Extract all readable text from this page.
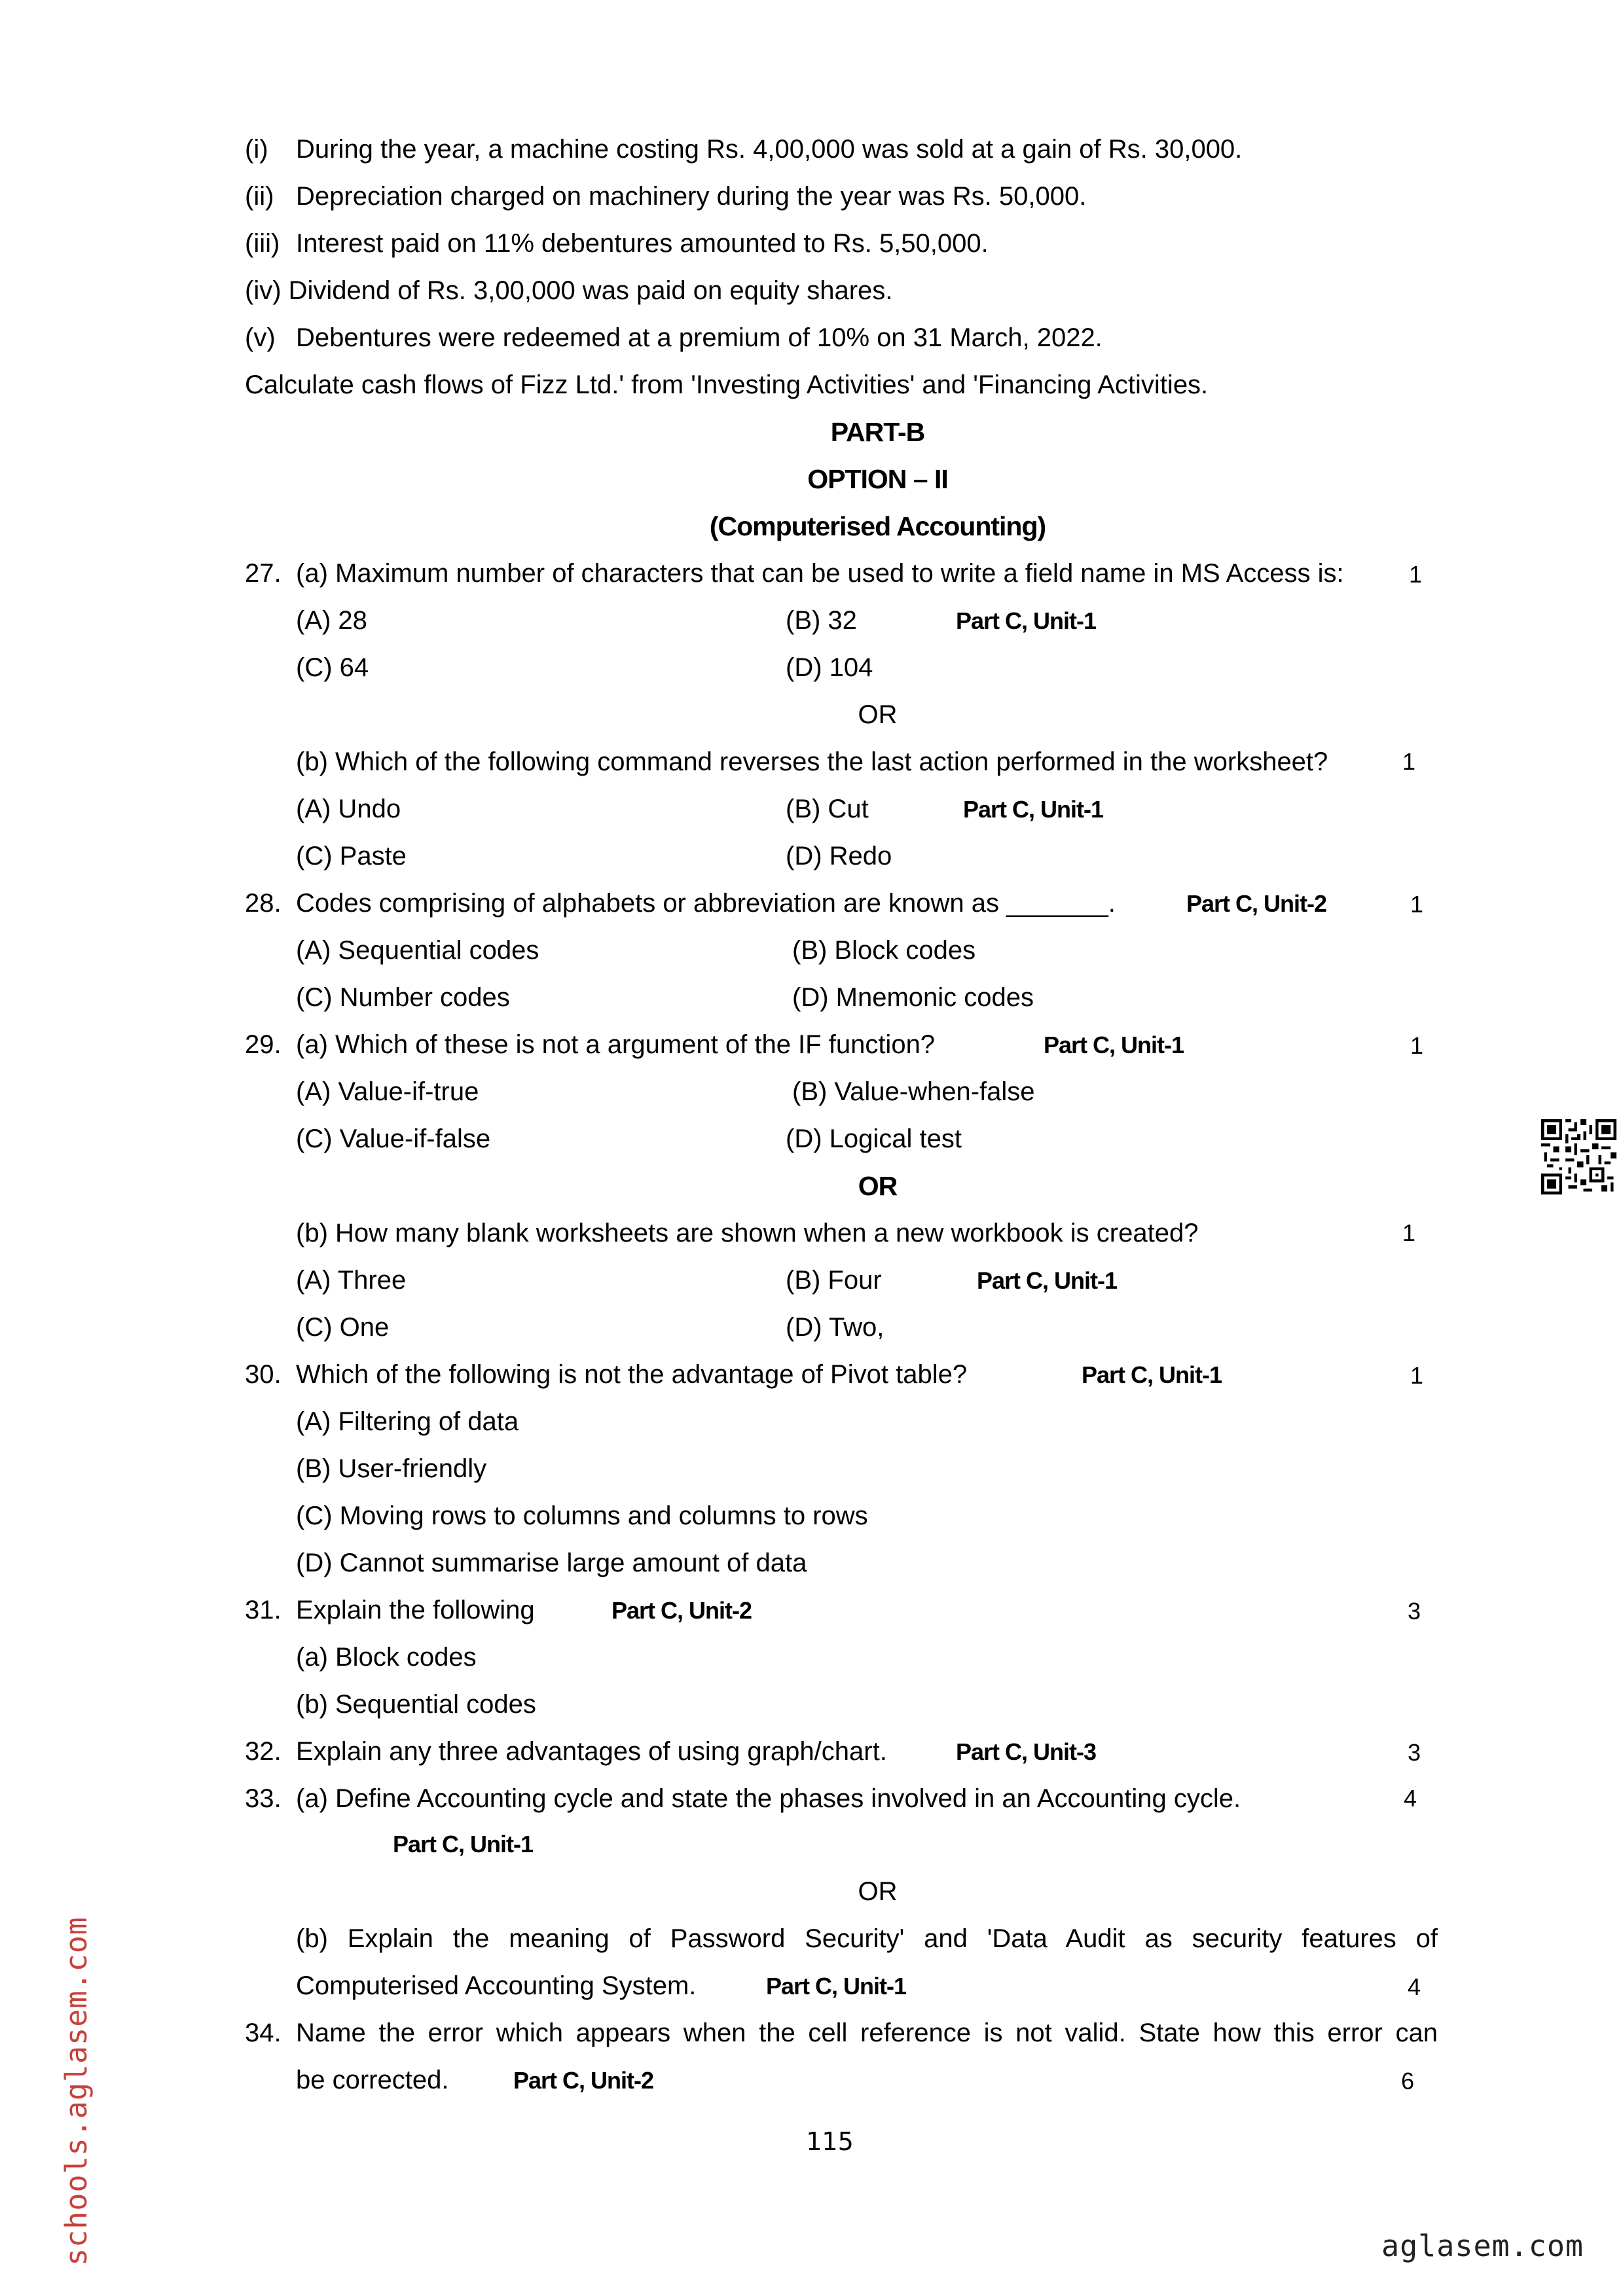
(i) During the year, a machine costing Rs. 4,00,000 was sold at a gain of Rs. 30,000.
(ii) Depreciation charged on machinery during the year was Rs. 50,000.
(iii) Interest paid on 11% debentures amounted to Rs. 5,50,000.
(iv) Dividend of Rs. 3,00,000 was paid on equity shares.
(v) Debentures were redeemed at a premium of 10% on 31 March, 2022.
Calculate cash flows of Fizz Ltd.' from 'Investing Activities' and 'Financing Activities.
PART-B
OPTION – II
(Computerised Accounting)
27. (a) Maximum number of characters that can be used to write a field name in MS Access is:	1
(A) 28	(B) 32	Part C, Unit-1
(C) 64	(D) 104
OR
(b) Which of the following command reverses the last action performed in the worksheet?	1
(A) Undo	(B) Cut	Part C, Unit-1
(C) Paste	(D) Redo
28. Codes comprising of alphabets or abbreviation are known as _______.	Part C, Unit-2	1
(A) Sequential codes	(B) Block codes
(C) Number codes	(D) Mnemonic codes
29. (a) Which of these is not a argument of the IF function?	Part C, Unit-1	1
(A) Value-if-true	(B) Value-when-false
(C) Value-if-false	(D) Logical test
OR
(b) How many blank worksheets are shown when a new workbook is created?	1
(A) Three	(B) Four	Part C, Unit-1
(C) One	(D) Two,
30. Which of the following is not the advantage of Pivot table?	Part C, Unit-1	1
(A) Filtering of data
(B) User-friendly
(C) Moving rows to columns and columns to rows
(D) Cannot summarise large amount of data
31. Explain the following	Part C, Unit-2	3
(a) Block codes
(b) Sequential codes
32. Explain any three advantages of using graph/chart.	Part C, Unit-3	3
33. (a) Define Accounting cycle and state the phases involved in an Accounting cycle.	4
Part C, Unit-1
OR
(b) Explain the meaning of Password Security' and 'Data Audit as security features of
Computerised Accounting System.	Part C, Unit-1	4
34. Name the error which appears when the cell reference is not valid. State how this error can
be corrected.	Part C, Unit-2	6
115
schools.aglasem.com	aglasem.com
